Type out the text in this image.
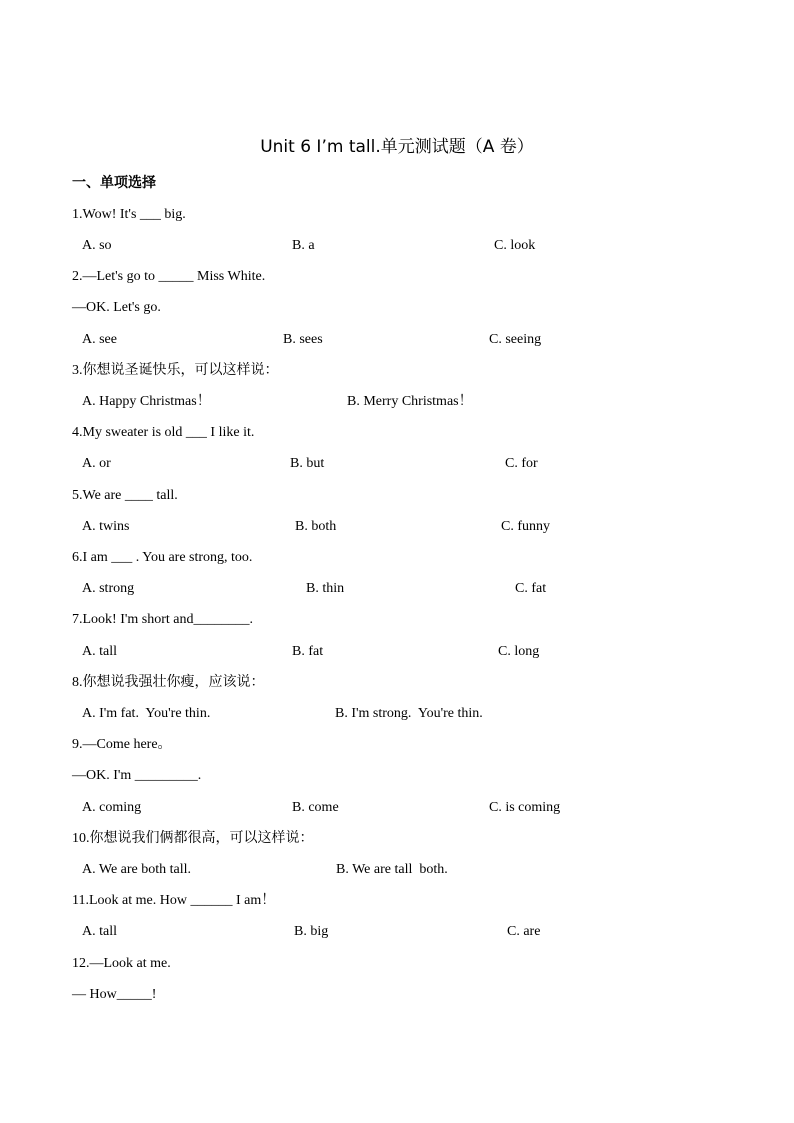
Unit 6 I’m tall.单元测试题（A 卷）
一、单项选择
1.Wow! It's ___ big.
A. so	B. a	C. look
2.—Let's go to _____ Miss White.
—OK. Let's go.
A. see	B. sees	C. seeing
3.你想说圣诞快乐，可以这样说：
A. Happy Christmas！	B. Merry Christmas！
4.My sweater is old ___ I like it.
A. or	B. but	C. for
5.We are ____ tall.
A. twins	B. both	C. funny
6.I am ___ . You are strong, too.
A. strong	B. thin	C. fat
7.Look! I'm short and________.
A. tall	B. fat	C. long
8.你想说我强壮你瘦，应该说：
A. I'm fat.  You're thin.	B. I'm strong.  You're thin.
9.—Come here。
—OK. I'm _________.
A. coming	B. come	C. is coming
10.你想说我们俩都很高，可以这样说：
A. We are both tall.	B. We are tall  both.
11.Look at me. How ______ I am！
A. tall	B. big	C. are
12.—Look at me.
— How_____!
